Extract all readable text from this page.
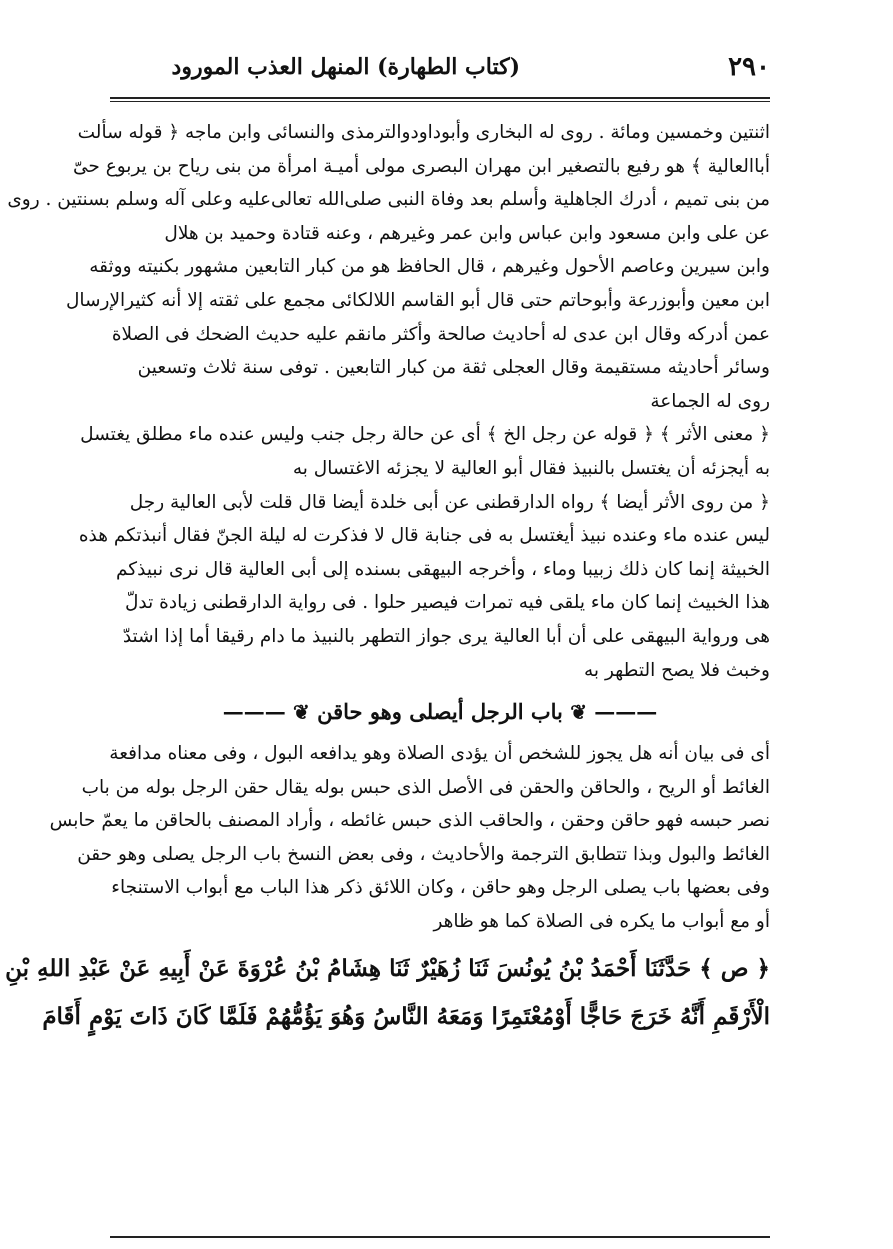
٢٩٠
(كتاب الطهارة) المنهل العذب المورود
اثنتين وخمسين ومائة . روى له البخارى وأبوداودوالترمذى والنسائى وابن ماجه ﴿ قوله سألت
أباالعالية ﴾ هو رفيع بالتصغير ابن مهران البصرى مولى أميـة امرأة من بنى رياح بن يربوع حىّ
من بنى تميم ، أدرك الجاهلية وأسلم بعد وفاة النبى صلى‌الله تعالى‌عليه وعلى آله وسلم بسنتين . روى
عن على وابن مسعود وابن عباس وابن عمر وغيرهم ، وعنه قتادة وحميد بن هلال
وابن سيرين وعاصم الأحول وغيرهم ، قال الحافظ هو من كبار التابعين مشهور بكنيته ووثقه
ابن معين وأبوزرعة وأبوحاتم حتى قال أبو القاسم اللالكائى مجمع على ثقته إلا أنه كثيرالإرسال
عمن أدركه وقال ابن عدى له أحاديث صالحة وأكثر مانقم عليه حديث الضحك فى الصلاة
وسائر أحاديثه مستقيمة وقال العجلى ثقة من كبار التابعين . توفى سنة ثلاث وتسعين
روى له الجماعة
﴿ معنى الأثر ﴾ ﴿ قوله عن رجل الخ ﴾ أى عن حالة رجل جنب وليس عنده ماء مطلق يغتسل
به أيجزئه أن يغتسل بالنبيذ فقال أبو العالية لا يجزئه الاغتسال به
﴿ من روى الأثر أيضا ﴾ رواه الدارقطنى عن أبى خلدة أيضا قال قلت لأبى العالية رجل
ليس عنده ماء وعنده نبيذ أيغتسل به فى جنابة قال لا فذكرت له ليلة الجنّ فقال أنبذتكم هذه
الخبيثة إنما كان ذلك زبيبا وماء ، وأخرجه البيهقى بسنده إلى أبى العالية قال نرى نبيذكم
هذا الخبيث إنما كان ماء يلقى فيه تمرات فيصير حلوا . فى رواية الدارقطنى زيادة تدلّ
هى ورواية البيهقى على أن أبا العالية يرى جواز التطهر بالنبيذ ما دام رقيقا أما إذا اشتدّ
وخبث فلا يصح التطهر به
——— ❦ باب الرجل أيصلى وهو حاقن ❦ ———
أى فى بيان أنه هل يجوز للشخص أن يؤدى الصلاة وهو يدافعه البول ، وفى معناه مدافعة
الغائط أو الريح ، والحاقن والحقن فى الأصل الذى حبس بوله يقال حقن الرجل بوله من باب
نصر حبسه فهو حاقن وحقن ، والحاقب الذى حبس غائطه ، وأراد المصنف بالحاقن ما يعمّ حابس
الغائط والبول وبذا تتطابق الترجمة والأحاديث ، وفى بعض النسخ باب الرجل يصلى وهو حقن
وفى بعضها باب يصلى الرجل وهو حاقن ، وكان اللائق ذكر هذا الباب مع أبواب الاستنجاء
أو مع أبواب ما يكره فى الصلاة كما هو ظاهر
﴿ ص ﴾ حَدَّثَنَا أَحْمَدُ بْنُ يُونُسَ ثَنَا زُهَيْرٌ ثَنَا هِشَامُ بْنُ عُرْوَةَ عَنْ أَبِيهِ عَنْ عَبْدِ اللهِ بْنِ
الْأَرْقَمِ أَنَّهُ خَرَجَ حَاجًّا أَوْمُعْتَمِرًا وَمَعَهُ النَّاسُ وَهُوَ يَؤُمُّهُمْ فَلَمَّا كَانَ ذَاتَ يَوْمٍ أَقَامَ
